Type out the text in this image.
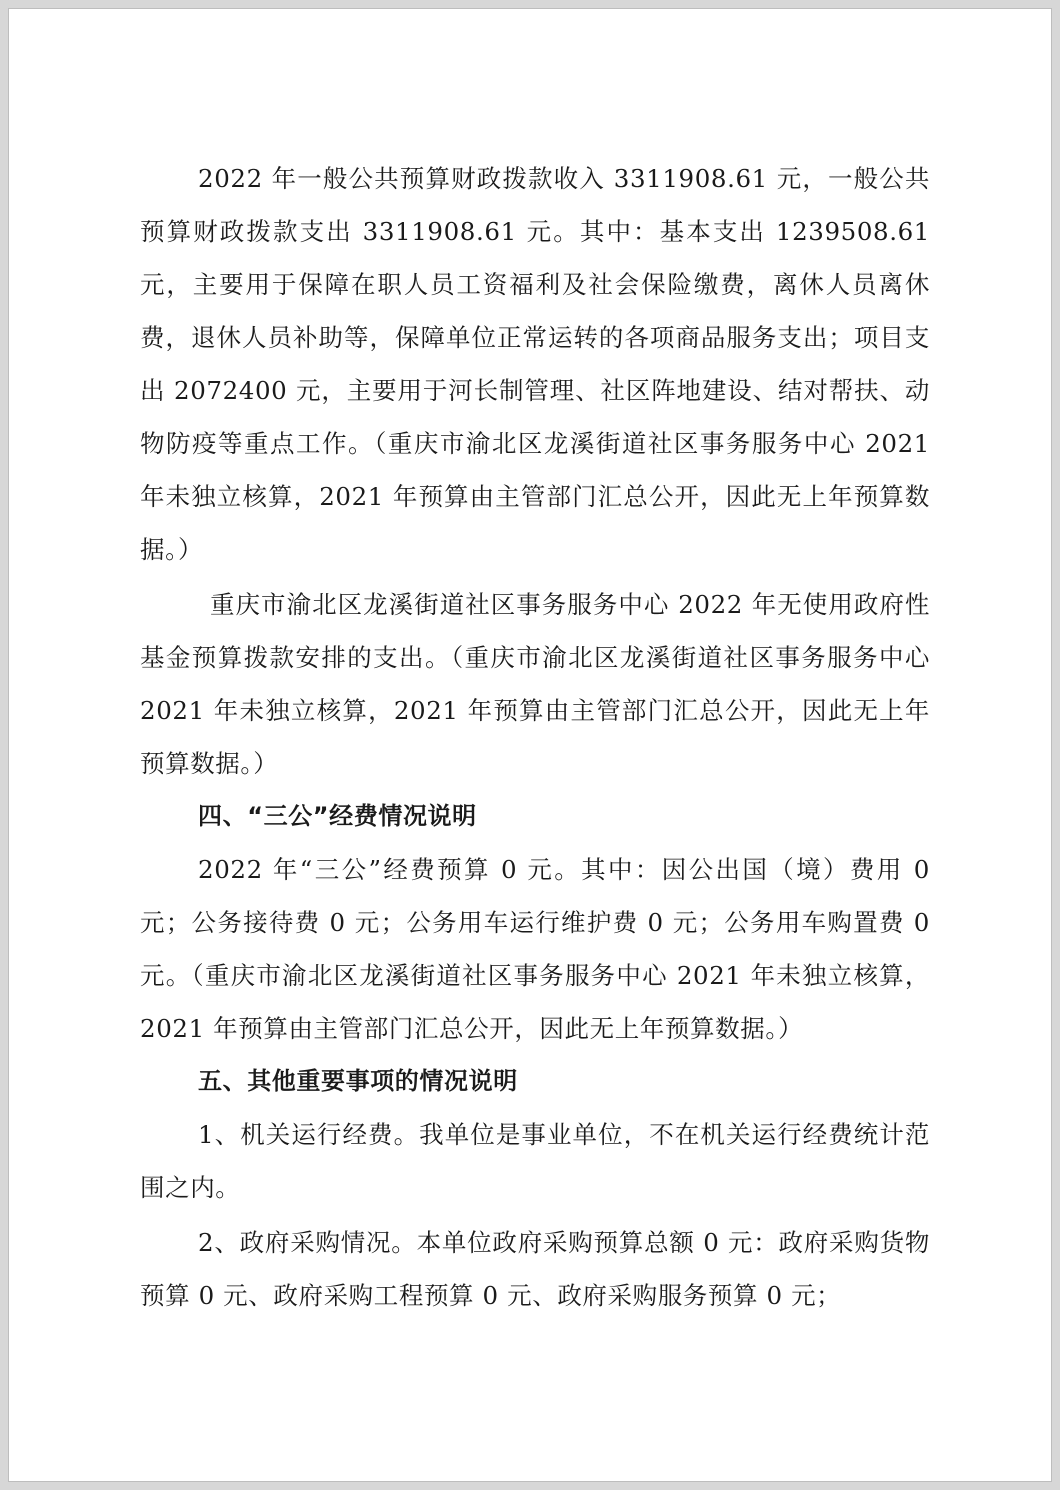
2022 年一般公共预算财政拨款收入 3311908.61 元，一般公共预算财政拨款支出 3311908.61 元。其中：基本支出 1239508.61 元，主要用于保障在职人员工资福利及社会保险缴费，离休人员离休费，退休人员补助等，保障单位正常运转的各项商品服务支出；项目支出 2072400 元，主要用于河长制管理、社区阵地建设、结对帮扶、动物防疫等重点工作。（重庆市渝北区龙溪街道社区事务服务中心 2021 年未独立核算，2021 年预算由主管部门汇总公开，因此无上年预算数据。）

重庆市渝北区龙溪街道社区事务服务中心 2022 年无使用政府性基金预算拨款安排的支出。（重庆市渝北区龙溪街道社区事务服务中心 2021 年未独立核算，2021 年预算由主管部门汇总公开，因此无上年预算数据。）

四、“三公”经费情况说明

2022 年“三公”经费预算 0 元。其中：因公出国（境）费用 0 元；公务接待费 0 元；公务用车运行维护费 0 元；公务用车购置费 0 元。（重庆市渝北区龙溪街道社区事务服务中心 2021 年未独立核算，2021 年预算由主管部门汇总公开，因此无上年预算数据。）

五、其他重要事项的情况说明

1、机关运行经费。我单位是事业单位，不在机关运行经费统计范围之内。

2、政府采购情况。本单位政府采购预算总额 0 元：政府采购货物预算 0 元、政府采购工程预算 0 元、政府采购服务预算 0 元；
